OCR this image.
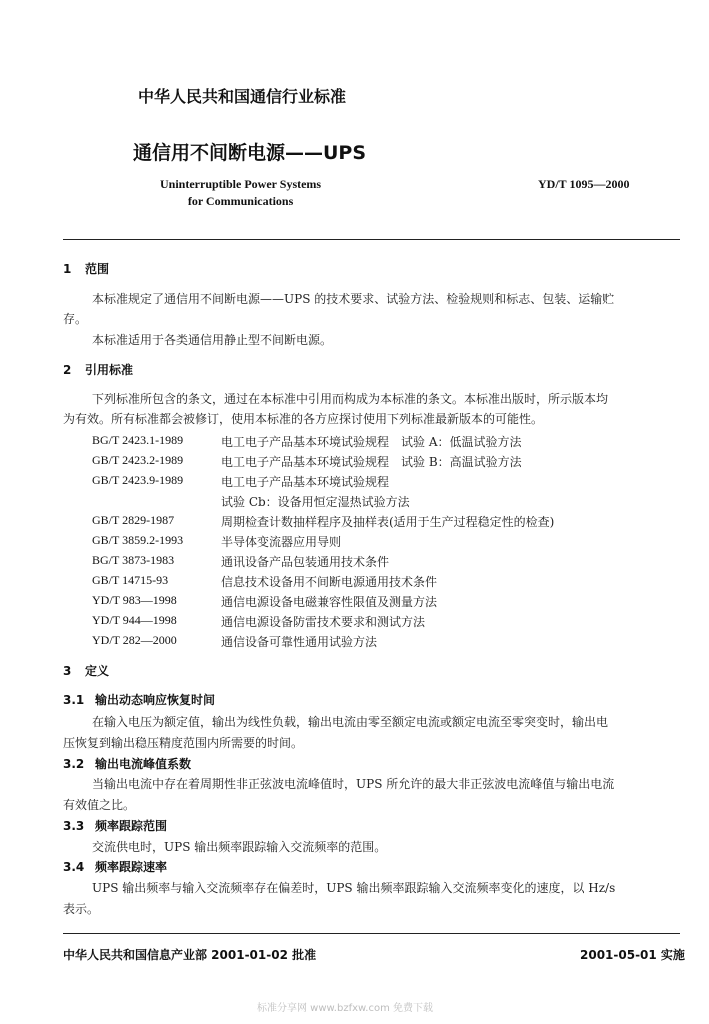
中华人民共和国通信行业标准
通信用不间断电源——UPS
Uninterruptible Power Systems
for Communications
YD/T 1095—2000
1 范围
本标准规定了通信用不间断电源——UPS 的技术要求、试验方法、检验规则和标志、包装、运输贮
存。
本标准适用于各类通信用静止型不间断电源。
2 引用标准
下列标准所包含的条文，通过在本标准中引用而构成为本标准的条文。本标准出版时，所示版本均
为有效。所有标准都会被修订，使用本标准的各方应探讨使用下列标准最新版本的可能性。
BG/T 2423.1-1989	电工电子产品基本环境试验规程　试验 A：低温试验方法
GB/T 2423.2-1989	电工电子产品基本环境试验规程　试验 B：高温试验方法
GB/T 2423.9-1989	电工电子产品基本环境试验规程
试验 Cb：设备用恒定湿热试验方法
GB/T 2829-1987	周期检查计数抽样程序及抽样表(适用于生产过程稳定性的检查)
GB/T 3859.2-1993	半导体变流器应用导则
BG/T 3873-1983	通讯设备产品包装通用技术条件
GB/T 14715-93	信息技术设备用不间断电源通用技术条件
YD/T 983—1998	通信电源设备电磁兼容性限值及测量方法
YD/T 944—1998	通信电源设备防雷技术要求和测试方法
YD/T 282—2000	通信设备可靠性通用试验方法
3 定义
3.1 输出动态响应恢复时间
在输入电压为额定值，输出为线性负载，输出电流由零至额定电流或额定电流至零突变时，输出电
压恢复到输出稳压精度范围内所需要的时间。
3.2 输出电流峰值系数
当输出电流中存在着周期性非正弦波电流峰值时，UPS 所允许的最大非正弦波电流峰值与输出电流
有效值之比。
3.3 频率跟踪范围
交流供电时，UPS 输出频率跟踪输入交流频率的范围。
3.4 频率跟踪速率
UPS 输出频率与输入交流频率存在偏差时，UPS 输出频率跟踪输入交流频率变化的速度，以 Hz/s
表示。
中华人民共和国信息产业部 2001-01-02 批准	2001-05-01 实施
标准分享网 www.bzfxw.com 免费下载
